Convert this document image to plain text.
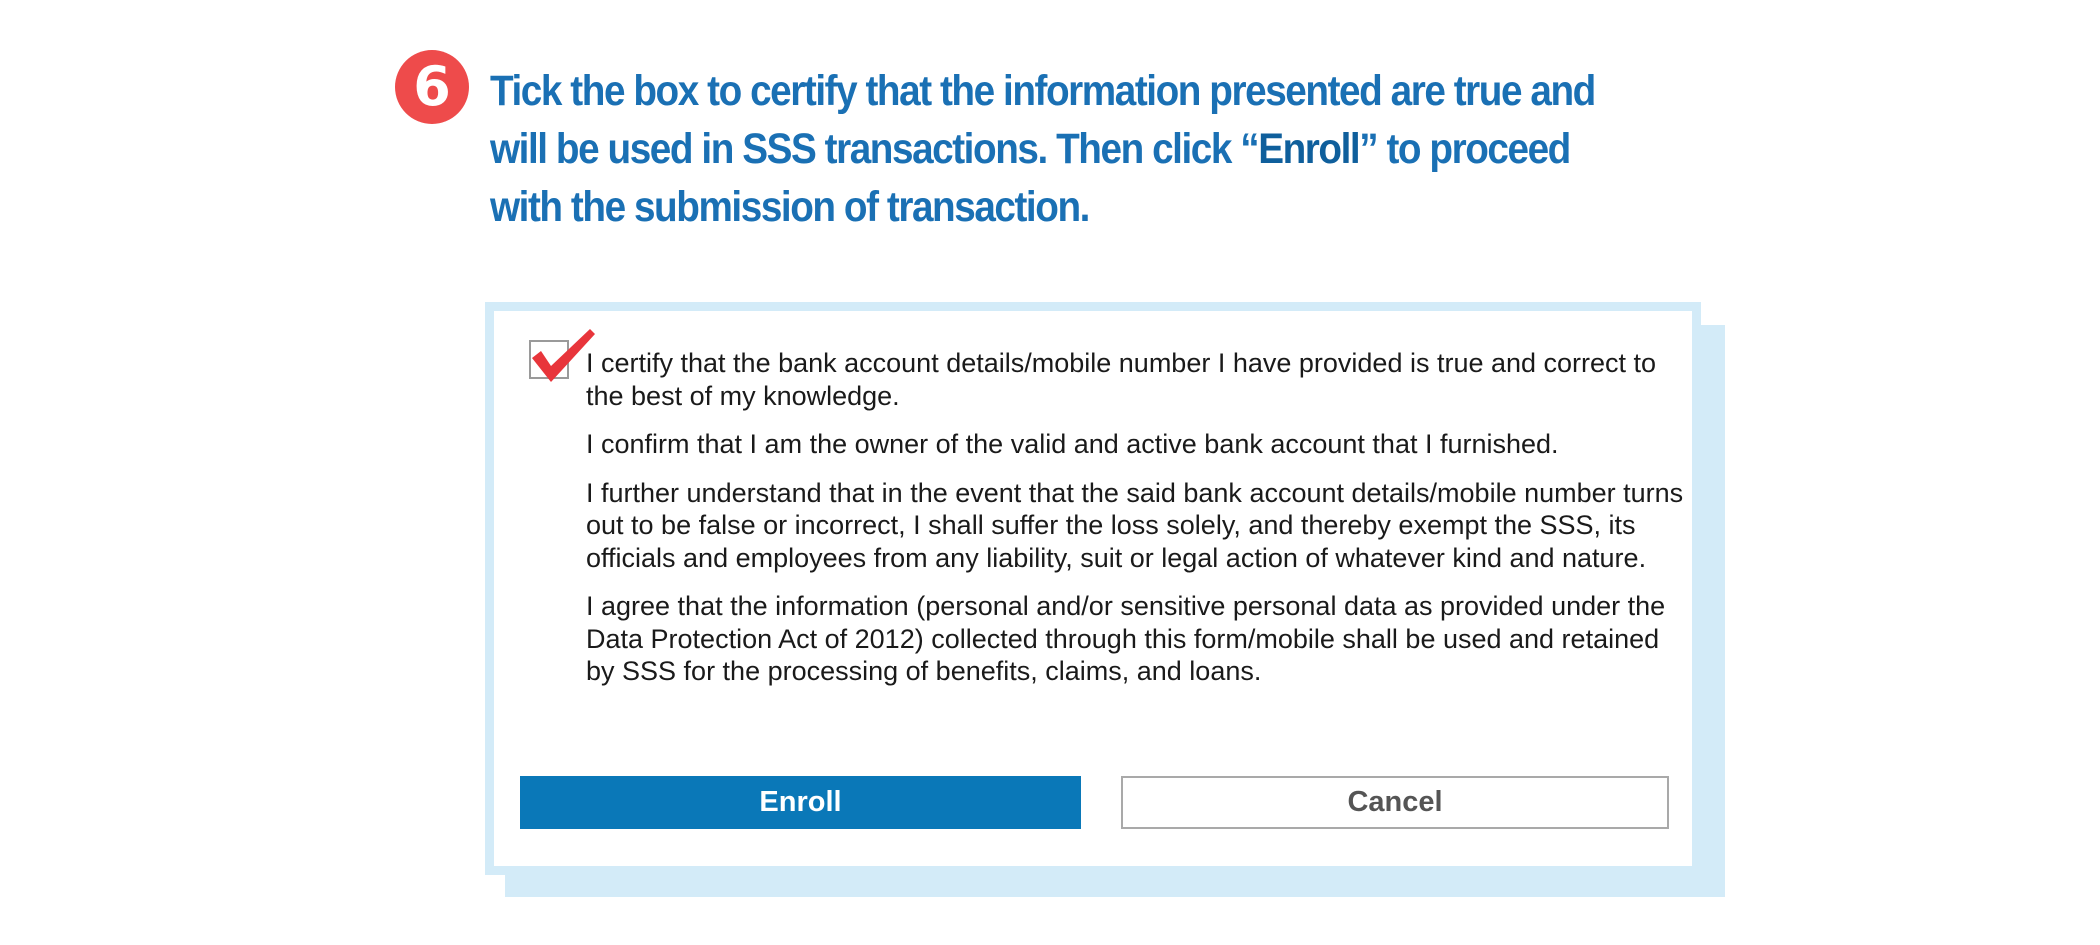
6 Tick the box to certify that the information presented are true and will be used in SSS transactions. Then click “Enroll” to proceed with the submission of transaction.

I certify that the bank account details/mobile number I have provided is true and correct to the best of my knowledge.

I confirm that I am the owner of the valid and active bank account that I furnished.

I further understand that in the event that the said bank account details/mobile number turns out to be false or incorrect, I shall suffer the loss solely, and thereby exempt the SSS, its officials and employees from any liability, suit or legal action of whatever kind and nature.

I agree that the information (personal and/or sensitive personal data as provided under the Data Protection Act of 2012) collected through this form/mobile shall be used and retained by SSS for the processing of benefits, claims, and loans.

Enroll	Cancel
